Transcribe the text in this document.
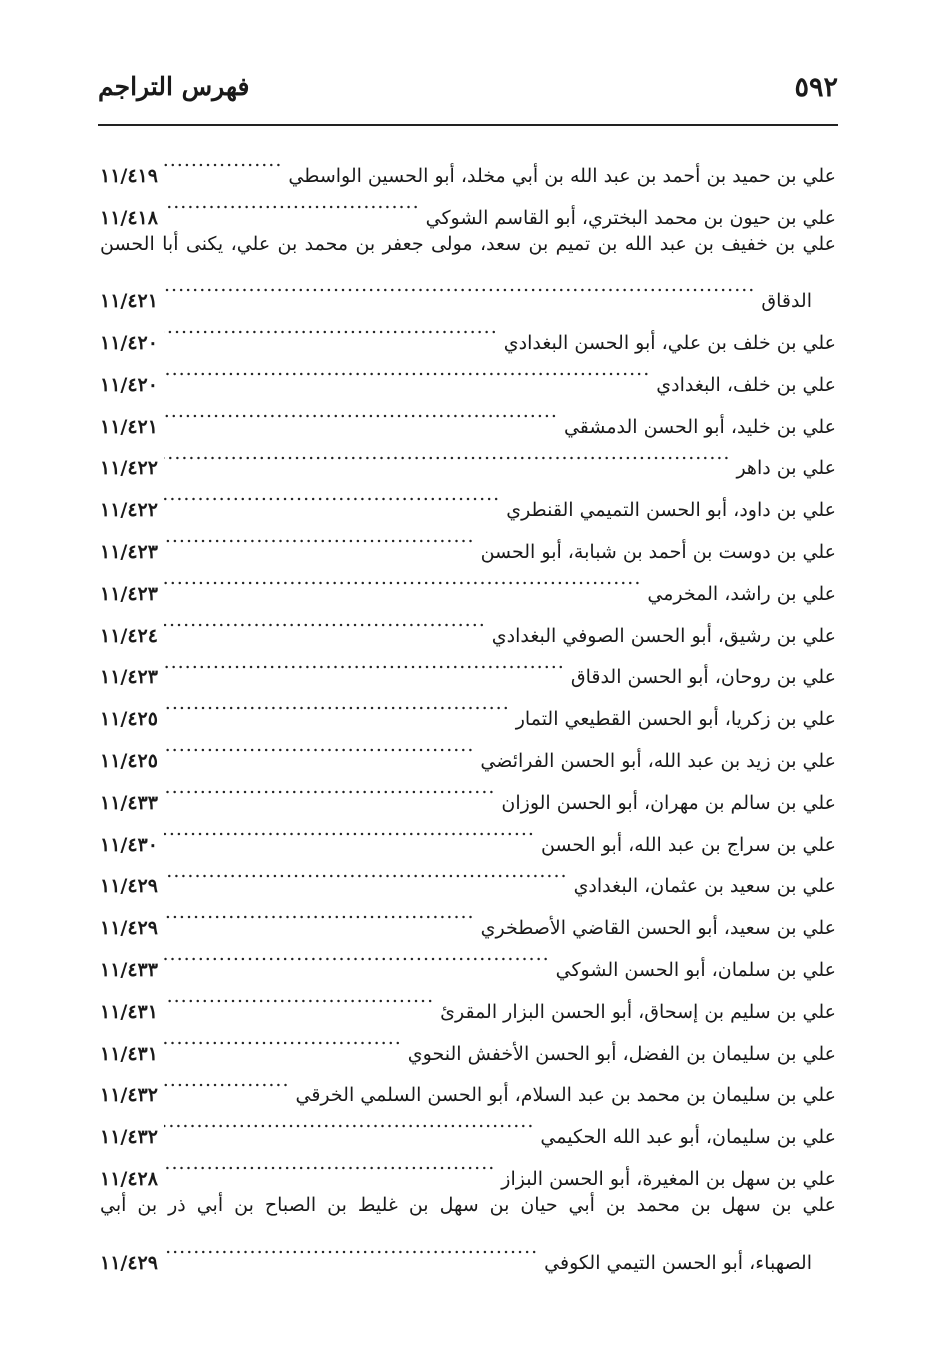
٥٩٢
فهرس التراجم
علي بن حميد بن أحمد بن عبد الله بن أبي مخلد، أبو الحسين الواسطي
.....
١١/٤١٩
علي بن حيون بن محمد البختري، أبو القاسم الشوكي
.....
١١/٤١٨
علي بن خفيف بن عبد الله بن تميم بن سعد، مولى جعفر بن محمد بن علي، يكنى أبا الحسن
الدقاق
.....
١١/٤٢١
علي بن خلف بن علي، أبو الحسن البغدادي
.....
١١/٤٢٠
علي بن خلف، البغدادي
.....
١١/٤٢٠
علي بن خليد، أبو الحسن الدمشقي
.....
١١/٤٢١
علي بن داهر
.....
١١/٤٢٢
علي بن داود، أبو الحسن التميمي القنطري
.....
١١/٤٢٢
علي بن دوست بن أحمد بن شبابة، أبو الحسن
.....
١١/٤٢٣
علي بن راشد، المخرمي
.....
١١/٤٢٣
علي بن رشيق، أبو الحسن الصوفي البغدادي
.....
١١/٤٢٤
علي بن روحان، أبو الحسن الدقاق
.....
١١/٤٢٣
علي بن زكريا، أبو الحسن القطيعي التمار
.....
١١/٤٢٥
علي بن زيد بن عبد الله، أبو الحسن الفرائضي
.....
١١/٤٢٥
علي بن سالم بن مهران، أبو الحسن الوزان
.....
١١/٤٣٣
علي بن سراج بن عبد الله، أبو الحسن
.....
١١/٤٣٠
علي بن سعيد بن عثمان، البغدادي
.....
١١/٤٢٩
علي بن سعيد، أبو الحسن القاضي الأصطخري
.....
١١/٤٢٩
علي بن سلمان، أبو الحسن الشوكي
.....
١١/٤٣٣
علي بن سليم بن إسحاق، أبو الحسن البزار المقرئ
.....
١١/٤٣١
علي بن سليمان بن الفضل، أبو الحسن الأخفش النحوي
.....
١١/٤٣١
علي بن سليمان بن محمد بن عبد السلام، أبو الحسن السلمي الخرقي
.....
١١/٤٣٢
علي بن سليمان، أبو عبد الله الحكيمي
.....
١١/٤٣٢
علي بن سهل بن المغيرة، أبو الحسن البزاز
.....
١١/٤٢٨
علي بن سهل بن محمد بن أبي حيان بن سهل بن غليط بن الصباح بن أبي ذر بن أبي
الصهباء، أبو الحسن التيمي الكوفي
.....
١١/٤٢٩
